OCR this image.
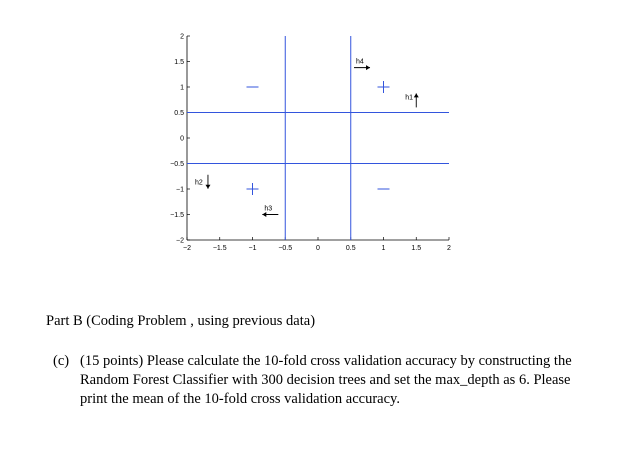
−2	−1.5	−1	−0.5	0	0.5	1	1.5	2
2
1.5
1
0.5
0
−0.5
−1
−1.5
−2
h4
h1
h2
h3
Part B (Coding Problem , using previous data)
(c) (15 points) Please calculate the 10-fold cross validation accuracy by constructing the Random Forest Classifier with 300 decision trees and set the max_depth as 6. Please print the mean of the 10-fold cross validation accuracy.
